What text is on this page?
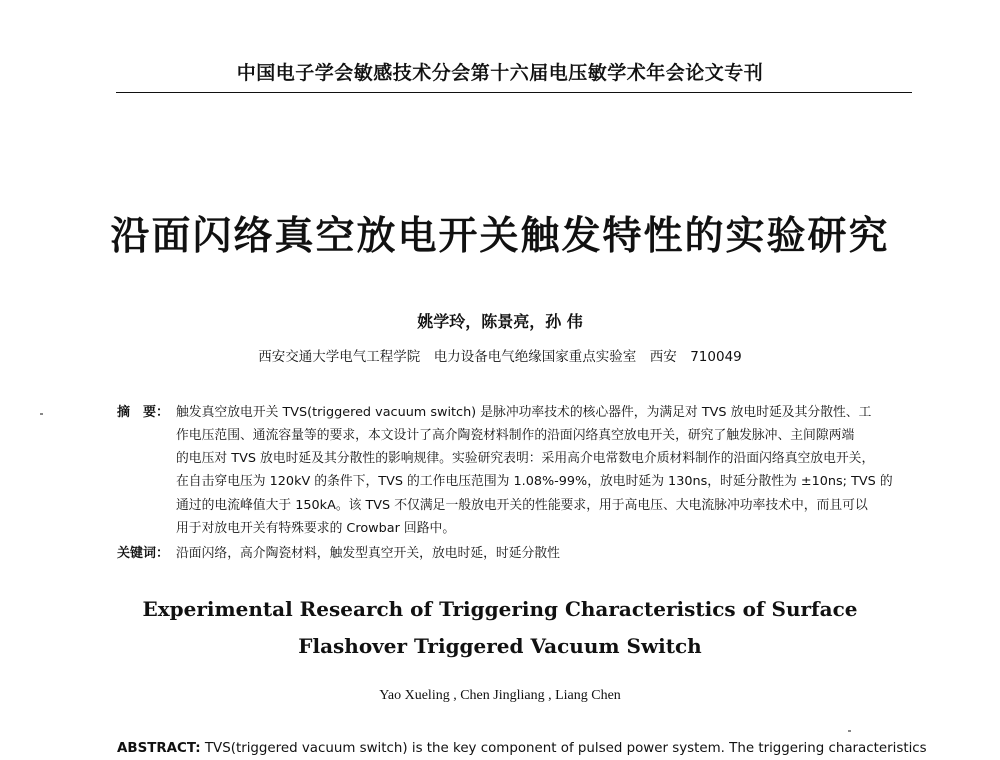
中国电子学会敏感技术分会第十六届电压敏学术年会论文专刊
沿面闪络真空放电开关触发特性的实验研究
姚学玲，陈景亮，孙 伟
西安交通大学电气工程学院　电力设备电气绝缘国家重点实验室　西安　710049
摘　要： 触发真空放电开关 TVS(triggered vacuum switch) 是脉冲功率技术的核心器件，为满足对 TVS 放电时延及其分散性、工
作电压范围、通流容量等的要求，本文设计了高介陶瓷材料制作的沿面闪络真空放电开关，研究了触发脉冲、主间隙两端
的电压对 TVS 放电时延及其分散性的影响规律。实验研究表明：采用高介电常数电介质材料制作的沿面闪络真空放电开关，
在自击穿电压为 120kV 的条件下，TVS 的工作电压范围为 1.08%-99%，放电时延为 130ns，时延分散性为 ±10ns; TVS 的
通过的电流峰值大于 150kA。该 TVS 不仅满足一般放电开关的性能要求，用于高电压、大电流脉冲功率技术中，而且可以
用于对放电开关有特殊要求的 Crowbar 回路中。
关键词： 沿面闪络，高介陶瓷材料，触发型真空开关，放电时延，时延分散性
Experimental Research of Triggering Characteristics of Surface
Flashover Triggered Vacuum Switch
Yao Xueling , Chen Jingliang , Liang Chen
ABSTRACT: TVS(triggered vacuum switch) is the key component of pulsed power system. The triggering characteristics
